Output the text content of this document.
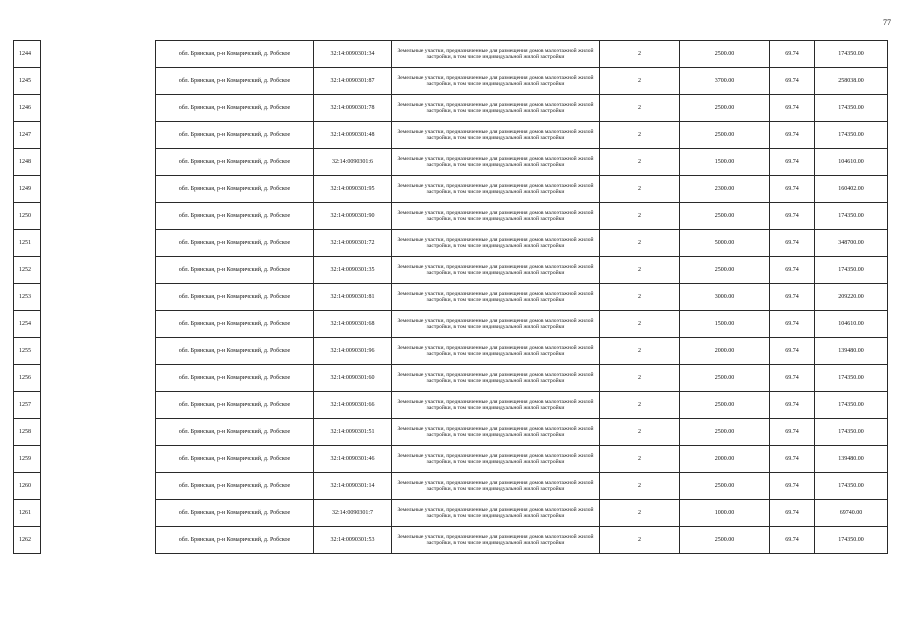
77
1244		обл. Брянская, р-н Комаричский, д. Робское	32:14:0090301:34	Земельные участки, предназначенные для размещения домов малоэтажной жилой застройки, в том числе индивидуальной жилой застройки	2	2500.00	69.74	174350.00
1245		обл. Брянская, р-н Комаричский, д. Робское	32:14:0090301:87	Земельные участки, предназначенные для размещения домов малоэтажной жилой застройки, в том числе индивидуальной жилой застройки	2	3700.00	69.74	258038.00
1246		обл. Брянская, р-н Комаричский, д. Робское	32:14:0090301:78	Земельные участки, предназначенные для размещения домов малоэтажной жилой застройки, в том числе индивидуальной жилой застройки	2	2500.00	69.74	174350.00
1247		обл. Брянская, р-н Комаричский, д. Робское	32:14:0090301:48	Земельные участки, предназначенные для размещения домов малоэтажной жилой застройки, в том числе индивидуальной жилой застройки	2	2500.00	69.74	174350.00
1248		обл. Брянская, р-н Комаричский, д. Робское	32:14:0090301:6	Земельные участки, предназначенные для размещения домов малоэтажной жилой застройки, в том числе индивидуальной жилой застройки	2	1500.00	69.74	104610.00
1249		обл. Брянская, р-н Комаричский, д. Робское	32:14:0090301:95	Земельные участки, предназначенные для размещения домов малоэтажной жилой застройки, в том числе индивидуальной жилой застройки	2	2300.00	69.74	160402.00
1250		обл. Брянская, р-н Комаричский, д. Робское	32:14:0090301:90	Земельные участки, предназначенные для размещения домов малоэтажной жилой застройки, в том числе индивидуальной жилой застройки	2	2500.00	69.74	174350.00
1251		обл. Брянская, р-н Комаричский, д. Робское	32:14:0090301:72	Земельные участки, предназначенные для размещения домов малоэтажной жилой застройки, в том числе индивидуальной жилой застройки	2	5000.00	69.74	348700.00
1252		обл. Брянская, р-н Комаричский, д. Робское	32:14:0090301:35	Земельные участки, предназначенные для размещения домов малоэтажной жилой застройки, в том числе индивидуальной жилой застройки	2	2500.00	69.74	174350.00
1253		обл. Брянская, р-н Комаричский, д. Робское	32:14:0090301:81	Земельные участки, предназначенные для размещения домов малоэтажной жилой застройки, в том числе индивидуальной жилой застройки	2	3000.00	69.74	209220.00
1254		обл. Брянская, р-н Комаричский, д. Робское	32:14:0090301:68	Земельные участки, предназначенные для размещения домов малоэтажной жилой застройки, в том числе индивидуальной жилой застройки	2	1500.00	69.74	104610.00
1255		обл. Брянская, р-н Комаричский, д. Робское	32:14:0090301:96	Земельные участки, предназначенные для размещения домов малоэтажной жилой застройки, в том числе индивидуальной жилой застройки	2	2000.00	69.74	139480.00
1256		обл. Брянская, р-н Комаричский, д. Робское	32:14:0090301:60	Земельные участки, предназначенные для размещения домов малоэтажной жилой застройки, в том числе индивидуальной жилой застройки	2	2500.00	69.74	174350.00
1257		обл. Брянская, р-н Комаричский, д. Робское	32:14:0090301:66	Земельные участки, предназначенные для размещения домов малоэтажной жилой застройки, в том числе индивидуальной жилой застройки	2	2500.00	69.74	174350.00
1258		обл. Брянская, р-н Комаричский, д. Робское	32:14:0090301:51	Земельные участки, предназначенные для размещения домов малоэтажной жилой застройки, в том числе индивидуальной жилой застройки	2	2500.00	69.74	174350.00
1259		обл. Брянская, р-н Комаричский, д. Робское	32:14:0090301:46	Земельные участки, предназначенные для размещения домов малоэтажной жилой застройки, в том числе индивидуальной жилой застройки	2	2000.00	69.74	139480.00
1260		обл. Брянская, р-н Комаричский, д. Робское	32:14:0090301:14	Земельные участки, предназначенные для размещения домов малоэтажной жилой застройки, в том числе индивидуальной жилой застройки	2	2500.00	69.74	174350.00
1261		обл. Брянская, р-н Комаричский, д. Робское	32:14:0090301:7	Земельные участки, предназначенные для размещения домов малоэтажной жилой застройки, в том числе индивидуальной жилой застройки	2	1000.00	69.74	69740.00
1262		обл. Брянская, р-н Комаричский, д. Робское	32:14:0090301:53	Земельные участки, предназначенные для размещения домов малоэтажной жилой застройки, в том числе индивидуальной жилой застройки	2	2500.00	69.74	174350.00
